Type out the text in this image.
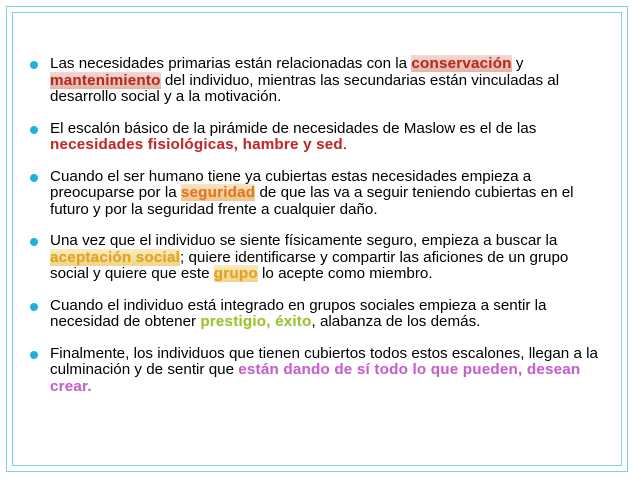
Las necesidades primarias están relacionadas con la conservación y mantenimiento del individuo, mientras las secundarias están vinculadas al desarrollo social y a la motivación.
El escalón básico de la pirámide de necesidades de Maslow es el de las necesidades fisiológicas, hambre y sed.
Cuando el ser humano tiene ya cubiertas estas necesidades empieza a preocuparse por la seguridad de que las va a seguir teniendo cubiertas en el futuro y por la seguridad frente a cualquier daño.
Una vez que el individuo se siente físicamente seguro, empieza a buscar la aceptación social; quiere identificarse y compartir las aficiones de un grupo social y quiere que este grupo lo acepte como miembro.
Cuando el individuo está integrado en grupos sociales empieza a sentir la necesidad de obtener prestigio, éxito, alabanza de los demás.
Finalmente, los individuos que tienen cubiertos todos estos escalones, llegan a la culminación y de sentir que están dando de sí todo lo que pueden, desean crear.
